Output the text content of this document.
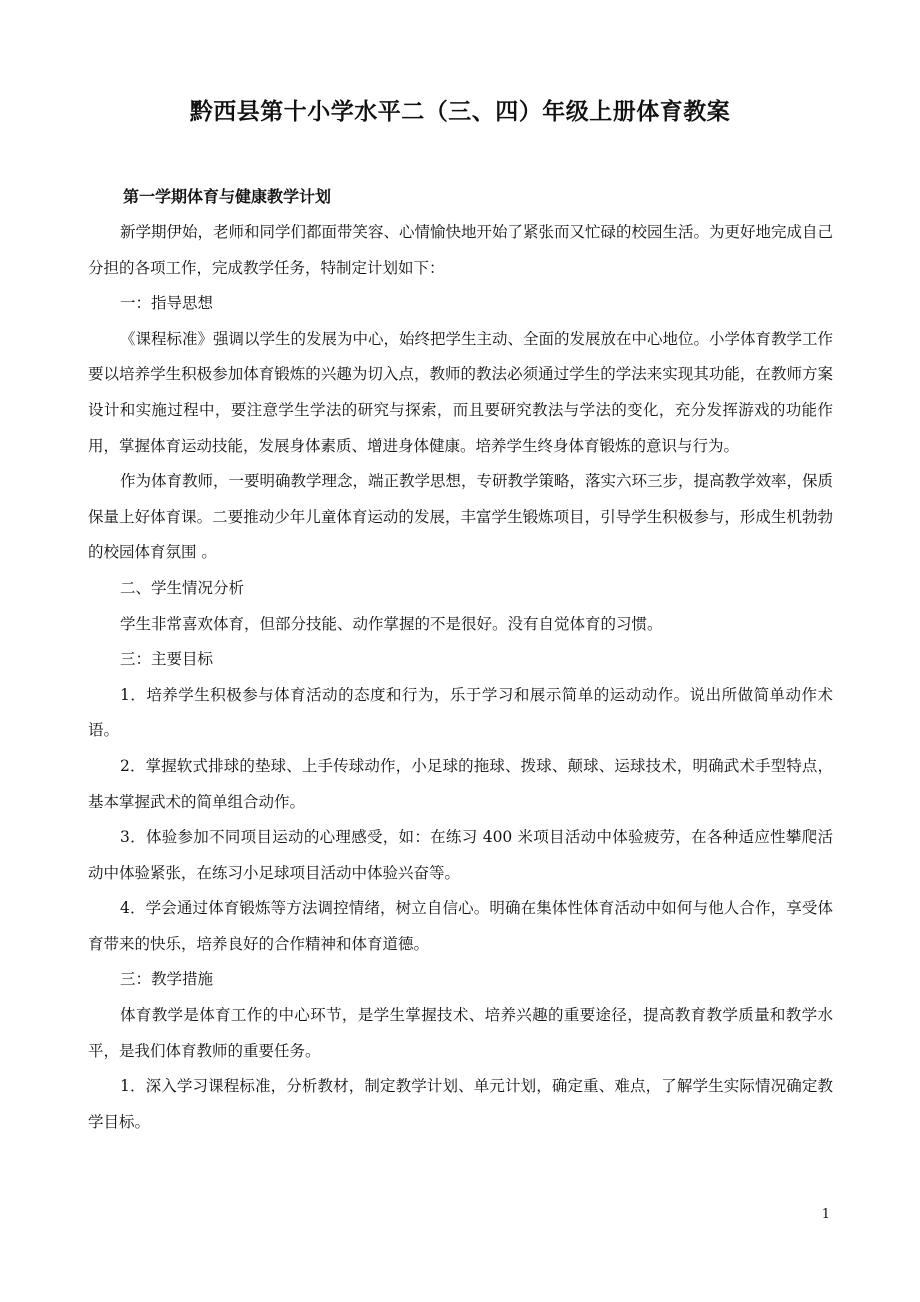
黔西县第十小学水平二（三、四）年级上册体育教案
第一学期体育与健康教学计划

新学期伊始，老师和同学们都面带笑容、心情愉快地开始了紧张而又忙碌的校园生活。为更好地完成自己分担的各项工作，完成教学任务，特制定计划如下：

一：指导思想

《课程标准》强调以学生的发展为中心，始终把学生主动、全面的发展放在中心地位。小学体育教学工作要以培养学生积极参加体育锻炼的兴趣为切入点，教师的教法必须通过学生的学法来实现其功能，在教师方案设计和实施过程中，要注意学生学法的研究与探索，而且要研究教法与学法的变化，充分发挥游戏的功能作用，掌握体育运动技能，发展身体素质、增进身体健康。培养学生终身体育锻炼的意识与行为。

作为体育教师，一要明确教学理念，端正教学思想，专研教学策略，落实六环三步，提高教学效率，保质保量上好体育课。二要推动少年儿童体育运动的发展，丰富学生锻炼项目，引导学生积极参与，形成生机勃勃的校园体育氛围 。

二、学生情况分析

学生非常喜欢体育，但部分技能、动作掌握的不是很好。没有自觉体育的习惯。

三：主要目标

1．培养学生积极参与体育活动的态度和行为，乐于学习和展示简单的运动动作。说出所做简单动作术语。

2．掌握软式排球的垫球、上手传球动作，小足球的拖球、拨球、颠球、运球技术，明确武术手型特点，基本掌握武术的简单组合动作。

3．体验参加不同项目运动的心理感受，如：在练习 400 米项目活动中体验疲劳，在各种适应性攀爬活动中体验紧张，在练习小足球项目活动中体验兴奋等。

4．学会通过体育锻炼等方法调控情绪，树立自信心。明确在集体性体育活动中如何与他人合作，享受体育带来的快乐，培养良好的合作精神和体育道德。

三：教学措施

体育教学是体育工作的中心环节，是学生掌握技术、培养兴趣的重要途径，提高教育教学质量和教学水平，是我们体育教师的重要任务。

1．深入学习课程标准，分析教材，制定教学计划、单元计划，确定重、难点，了解学生实际情况确定教学目标。

1
